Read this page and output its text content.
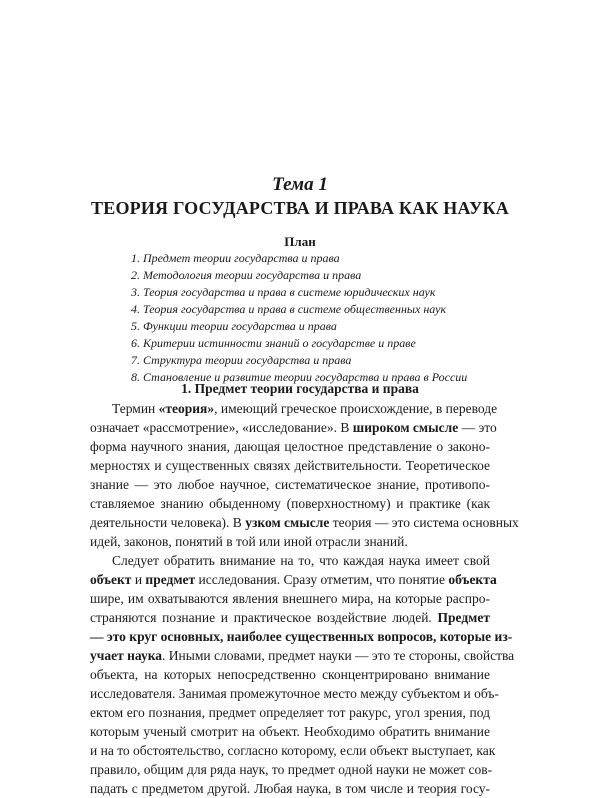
Тема 1
ТЕОРИЯ ГОСУДАРСТВА И ПРАВА КАК НАУКА
План
1. Предмет теории государства и права
2. Методология теории государства и права
3. Теория государства и права в системе юридических наук
4. Теория государства и права в системе общественных наук
5. Функции теории государства и права
6. Критерии истинности знаний о государстве и праве
7. Структура теории государства и права
8. Становление и развитие теории государства и права в России
1. Предмет теории государства и права
Термин «теория», имеющий греческое происхождение, в переводе
означает «рассмотрение», «исследование». В широком смысле — это
форма научного знания, дающая целостное представление о законо-
мерностях и существенных связях действительности. Теоретическое
знание — это любое научное, систематическое знание, противопо-
ставляемое знанию обыденному (поверхностному) и практике (как
деятельности человека). В узком смысле теория — это система основных
идей, законов, понятий в той или иной отрасли знаний.
Следует обратить внимание на то, что каждая наука имеет свой
объект и предмет исследования. Сразу отметим, что понятие объекта
шире, им охватываются явления внешнего мира, на которые распро-
страняются познание и практическое воздействие людей. Предмет
— это круг основных, наиболее существенных вопросов, которые из-
учает наука. Иными словами, предмет науки — это те стороны, свойства
объекта, на которых непосредственно сконцентрировано внимание
исследователя. Занимая промежуточное место между субъектом и объ-
ектом его познания, предмет определяет тот ракурс, угол зрения, под
которым ученый смотрит на объект. Необходимо обратить внимание
и на то обстоятельство, согласно которому, если объект выступает, как
правило, общим для ряда наук, то предмет одной науки не может сов-
падать с предметом другой. Любая наука, в том числе и теория госу-
